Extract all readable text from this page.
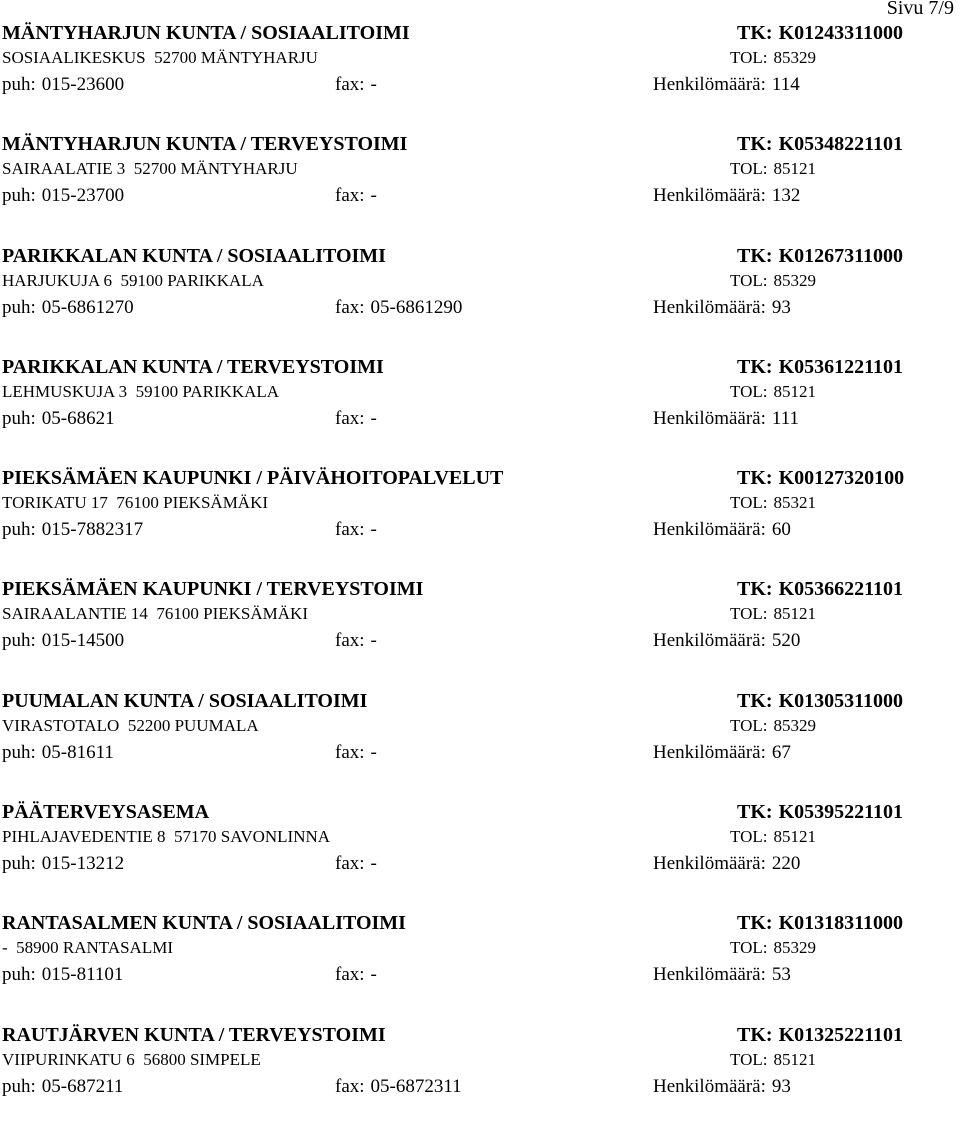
Sivu 7/9
MÄNTYHARJUN KUNTA / SOSIAALITOIMI	TK: K01243311000
SOSIAALIKESKUS  52700 MÄNTYHARJU	TOL: 85329
puh: 015-23600	fax: -	Henkilömäärä: 114
MÄNTYHARJUN KUNTA / TERVEYSTOIMI	TK: K05348221101
SAIRAALATIE 3  52700 MÄNTYHARJU	TOL: 85121
puh: 015-23700	fax: -	Henkilömäärä: 132
PARIKKALAN KUNTA / SOSIAALITOIMI	TK: K01267311000
HARJUKUJA 6  59100 PARIKKALA	TOL: 85329
puh: 05-6861270	fax: 05-6861290	Henkilömäärä: 93
PARIKKALAN KUNTA / TERVEYSTOIMI	TK: K05361221101
LEHMUSKUJA 3  59100 PARIKKALA	TOL: 85121
puh: 05-68621	fax: -	Henkilömäärä: 111
PIEKSÄMÄEN KAUPUNKI / PÄIVÄHOITOPALVELUT	TK: K00127320100
TORIKATU 17  76100 PIEKSÄMÄKI	TOL: 85321
puh: 015-7882317	fax: -	Henkilömäärä: 60
PIEKSÄMÄEN KAUPUNKI / TERVEYSTOIMI	TK: K05366221101
SAIRAALANTIE 14  76100 PIEKSÄMÄKI	TOL: 85121
puh: 015-14500	fax: -	Henkilömäärä: 520
PUUMALAN KUNTA / SOSIAALITOIMI	TK: K01305311000
VIRASTOTALO  52200 PUUMALA	TOL: 85329
puh: 05-81611	fax: -	Henkilömäärä: 67
PÄÄTERVEYSASEMA	TK: K05395221101
PIHLAJAVEDENTIE 8  57170 SAVONLINNA	TOL: 85121
puh: 015-13212	fax: -	Henkilömäärä: 220
RANTASALMEN KUNTA / SOSIAALITOIMI	TK: K01318311000
-  58900 RANTASALMI	TOL: 85329
puh: 015-81101	fax: -	Henkilömäärä: 53
RAUTJÄRVEN KUNTA / TERVEYSTOIMI	TK: K01325221101
VIIPURINKATU 6  56800 SIMPELE	TOL: 85121
puh: 05-687211	fax: 05-6872311	Henkilömäärä: 93
